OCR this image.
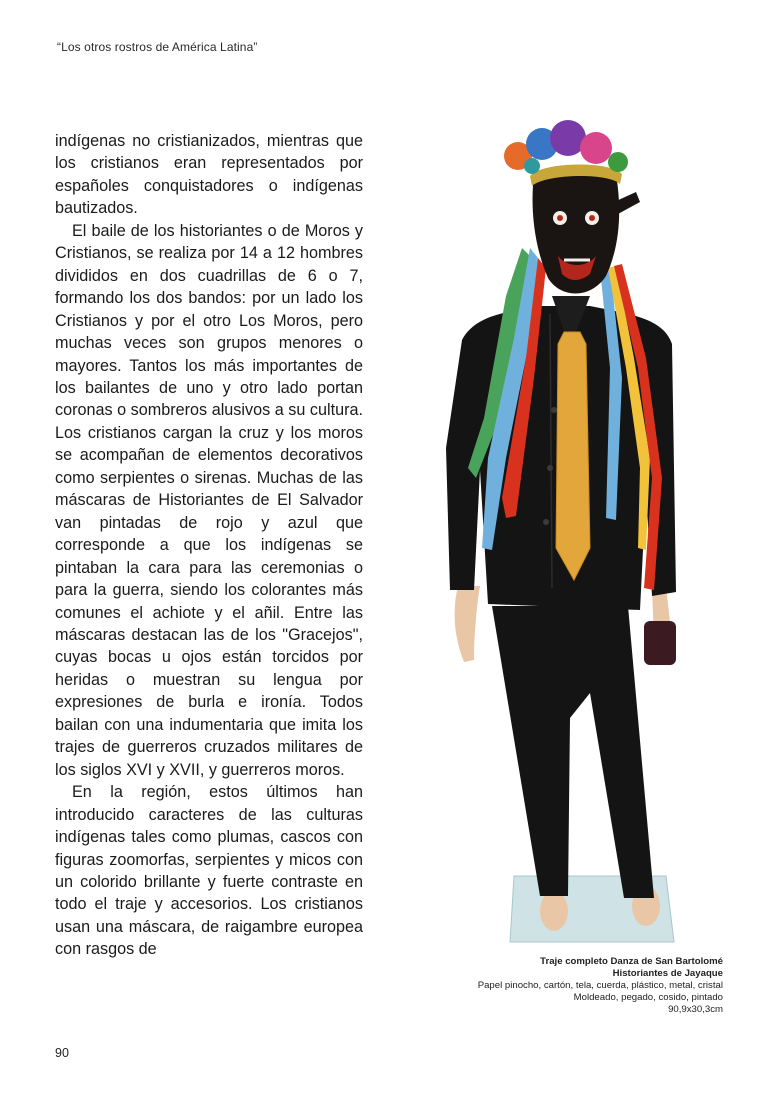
“Los otros rostros de América Latina”

indígenas no cristianizados, mientras que los cristianos eran representados por españoles conquistadores o indígenas bautizados.

El baile de los historiantes o de Moros y Cristianos, se realiza por 14 a 12 hombres divididos en dos cuadrillas de 6 o 7, formando los dos bandos: por un lado los Cristianos y por el otro Los Moros, pero muchas veces son grupos menores o mayores. Tantos los más importantes de los bailantes de uno y otro lado portan coronas o sombreros alusivos a su cultura. Los cristianos cargan la cruz y los moros se acompañan de elementos decorativos como serpientes o sirenas. Muchas de las máscaras de Historiantes de El Salvador van pintadas de rojo y azul que corresponde a que los indígenas se pintaban la cara para las ceremonias o para la guerra, siendo los colorantes más comunes el achiote y el añil. Entre las máscaras destacan las de los "Gracejos", cuyas bocas u ojos están torcidos por heridas o muestran su lengua por expresiones de burla e ironía. Todos bailan con una indumentaria que imita los trajes de guerreros cruzados militares de los siglos XVI y XVII, y guerreros moros.

En la región, estos últimos han introducido caracteres de las culturas indígenas tales como plumas, cascos con figuras zoomorfas, serpientes y micos con un colorido brillante y fuerte contraste en todo el traje y accesorios. Los cristianos usan una máscara, de raigambre europea con rasgos de

Traje completo Danza de San Bartolomé
Historiantes de Jayaque
Papel pinocho, cartón, tela, cuerda, plástico, metal, cristal
Moldeado, pegado, cosido, pintado
90,9x30,3cm
90
